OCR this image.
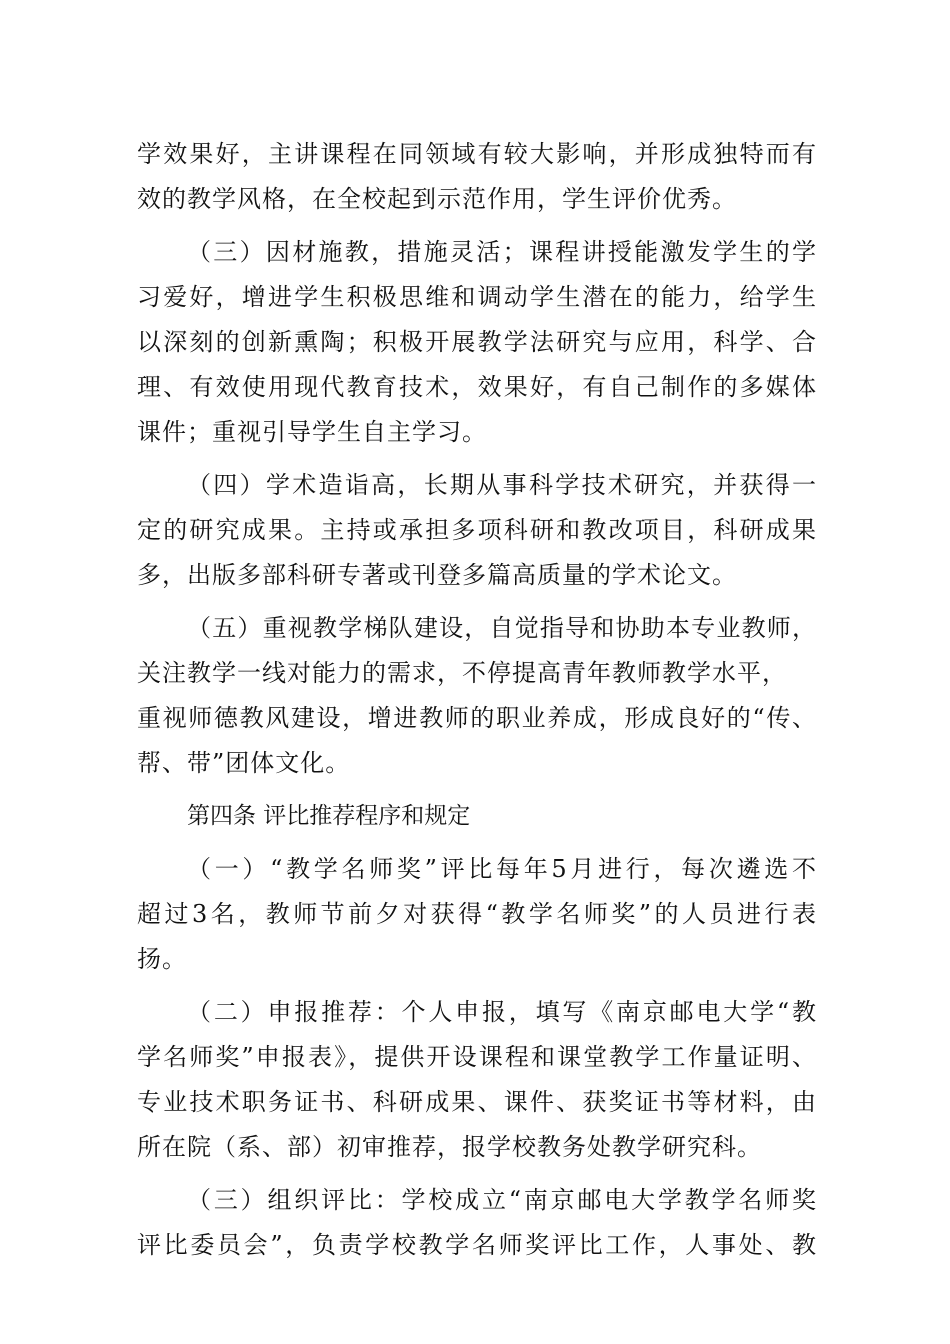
学效果好，主讲课程在同领域有较大影响，并形成独特而有
效的教学风格，在全校起到示范作用，学生评价优秀。
（三）因材施教，措施灵活；课程讲授能激发学生的学
习爱好，增进学生积极思维和调动学生潜在的能力，给学生
以深刻的创新熏陶；积极开展教学法研究与应用，科学、合
理、有效使用现代教育技术，效果好，有自己制作的多媒体
课件；重视引导学生自主学习。
（四）学术造诣高，长期从事科学技术研究，并获得一
定的研究成果。主持或承担多项科研和教改项目，科研成果
多，出版多部科研专著或刊登多篇高质量的学术论文。
（五）重视教学梯队建设，自觉指导和协助本专业教师，
关注教学一线对能力的需求，不停提高青年教师教学水平，
重视师德教风建设，增进教师的职业养成，形成良好的“传、
帮、带”团体文化。
第四条 评比推荐程序和规定
（一）“教学名师奖”评比每年5月进行，每次遴选不
超过3名，教师节前夕对获得“教学名师奖”的人员进行表
扬。
（二）申报推荐：个人申报，填写《南京邮电大学“教
学名师奖”申报表》，提供开设课程和课堂教学工作量证明、
专业技术职务证书、科研成果、课件、获奖证书等材料，由
所在院（系、部）初审推荐，报学校教务处教学研究科。
（三）组织评比：学校成立“南京邮电大学教学名师奖
评比委员会”，负责学校教学名师奖评比工作，人事处、教
